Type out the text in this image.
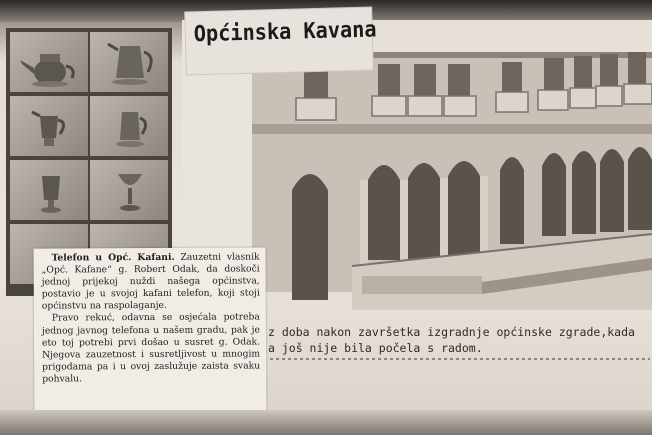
Općinska Kavana
z doba nakon završetka izgradnje općinske zgrade,kada
a još nije bila počela s radom.

Telefon u Opć. Kafani. Zauzetni vlasnik „Opć. Kafane“ g. Robert Odak, da doskoči jednoj prijekoj nuždi našega općinstva, postavio je u svojoj kafani telefon, koji stoji općinstvu na raspolaganje.

Pravo rekuć, odavna se osjećala potreba jednog javnog telefona u našem gradu, pak je eto toj potrebi prvi došao u susret g. Odak. Njegova zauzetnost i susretljivost u mnogim prigodama pa i u ovoj zaslužuje zaista svaku pohvalu.
